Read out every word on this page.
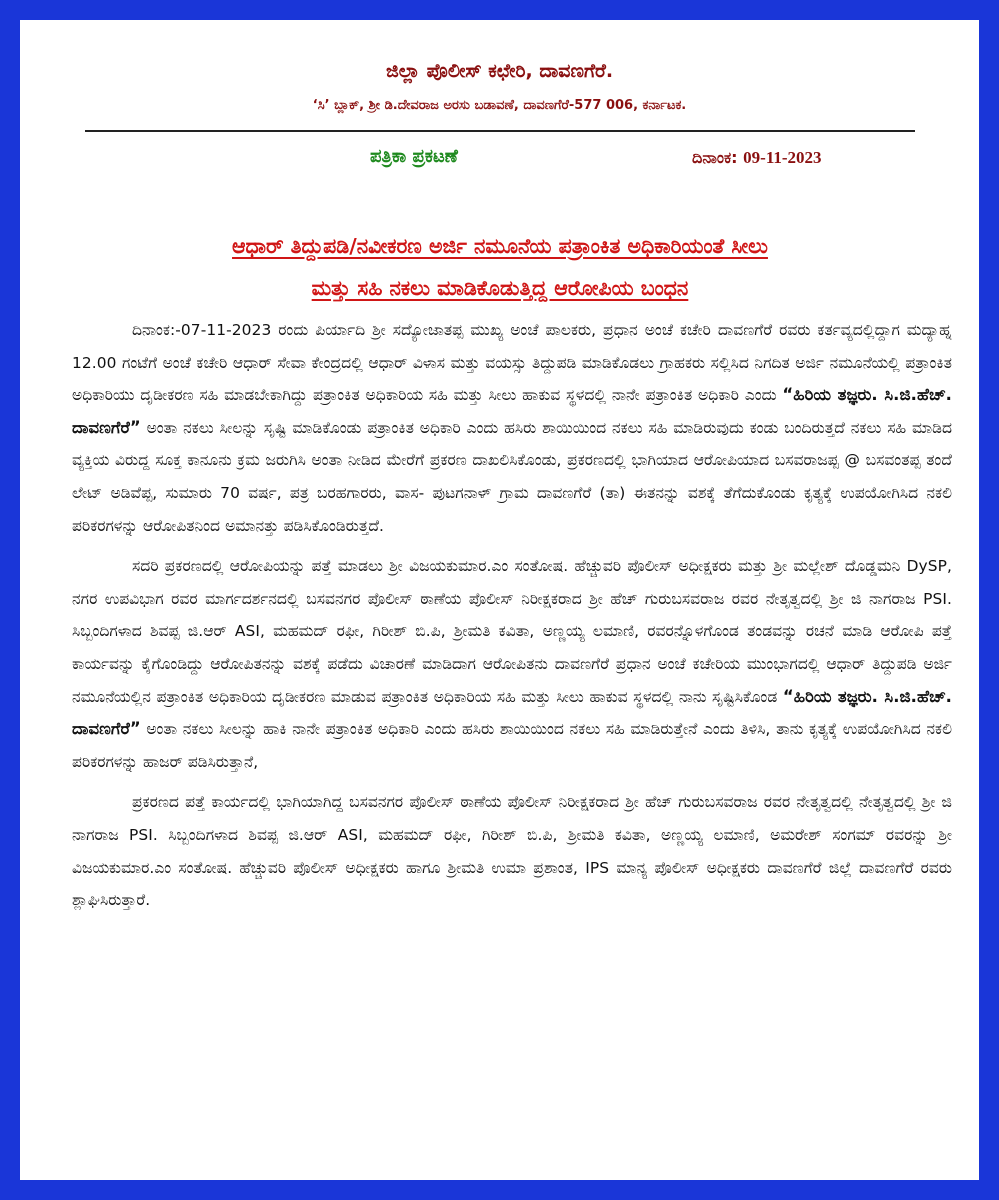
ಜಿಲ್ಲಾ ಪೊಲೀಸ್ ಕಛೇರಿ, ದಾವಣಗೆರೆ.
‘ಸಿ’ ಬ್ಲಾಕ್, ಶ್ರೀ ಡಿ.ದೇವರಾಜ ಅರಸು ಬಡಾವಣೆ, ದಾವಣಗೆರೆ-577 006, ಕರ್ನಾಟಕ.
ಪತ್ರಿಕಾ ಪ್ರಕಟಣೆ	ದಿನಾಂಕ: 09-11-2023
ಆಧಾರ್ ತಿದ್ದುಪಡಿ/ನವೀಕರಣ ಅರ್ಜಿ ನಮೂನೆಯ ಪತ್ರಾಂಕಿತ ಅಧಿಕಾರಿಯಂತೆ ಸೀಲು
ಮತ್ತು ಸಹಿ ನಕಲು ಮಾಡಿಕೊಡುತ್ತಿದ್ದ ಆರೋಪಿಯ ಬಂಧನ

ದಿನಾಂಕ:-07-11-2023 ರಂದು ಪಿರ್ಯಾದಿ ಶ್ರೀ ಸದ್ಯೋಜಾತಪ್ಪ ಮುಖ್ಯ ಅಂಚೆ ಪಾಲಕರು, ಪ್ರಧಾನ ಅಂಚೆ ಕಚೇರಿ ದಾವಣಗೆರೆ ರವರು ಕರ್ತವ್ಯದಲ್ಲಿದ್ದಾಗ ಮದ್ಯಾಹ್ನ 12.00 ಗಂಟೆಗೆ ಅಂಚೆ ಕಚೇರಿ ಆಧಾರ್ ಸೇವಾ ಕೇಂದ್ರದಲ್ಲಿ ಆಧಾರ್ ವಿಳಾಸ ಮತ್ತು ವಯಸ್ಸು ತಿದ್ದುಪಡಿ ಮಾಡಿಕೊಡಲು ಗ್ರಾಹಕರು ಸಲ್ಲಿಸಿದ ನಿಗದಿತ ಅರ್ಜಿ ನಮೂನೆಯಲ್ಲಿ ಪತ್ರಾಂಕಿತ ಅಧಿಕಾರಿಯು ದೃಡೀಕರಣ ಸಹಿ ಮಾಡಬೇಕಾಗಿದ್ದು ಪತ್ರಾಂಕಿತ ಅಧಿಕಾರಿಯ ಸಹಿ ಮತ್ತು ಸೀಲು ಹಾಕುವ ಸ್ಥಳದಲ್ಲಿ ನಾನೇ ಪತ್ರಾಂಕಿತ ಅಧಿಕಾರಿ ಎಂದು “ಹಿರಿಯ ತಜ್ಞರು. ಸಿ.ಜಿ.ಹೆಚ್. ದಾವಣಗೆರೆ” ಅಂತಾ ನಕಲು ಸೀಲನ್ನು ಸೃಷ್ಟಿ ಮಾಡಿಕೊಂಡು ಪತ್ರಾಂಕಿತ ಅಧಿಕಾರಿ ಎಂದು ಹಸಿರು ಶಾಯಿಯಿಂದ ನಕಲು ಸಹಿ ಮಾಡಿರುವುದು ಕಂಡು ಬಂದಿರುತ್ತದೆ ನಕಲು ಸಹಿ ಮಾಡಿದ ವ್ಯಕ್ತಿಯ ವಿರುದ್ದ ಸೂಕ್ತ ಕಾನೂನು ಕ್ರಮ ಜರುಗಿಸಿ ಅಂತಾ ನೀಡಿದ ಮೇರೆಗೆ ಪ್ರಕರಣ ದಾಖಲಿಸಿಕೊಂಡು, ಪ್ರಕರಣದಲ್ಲಿ ಭಾಗಿಯಾದ ಆರೋಪಿಯಾದ ಬಸವರಾಜಪ್ಪ @ ಬಸವಂತಪ್ಪ ತಂದೆ ಲೇಟ್ ಅಡಿವೆಪ್ಪ, ಸುಮಾರು 70 ವರ್ಷ, ಪತ್ರ ಬರಹಗಾರರು, ವಾಸ- ಪುಟಗನಾಳ್ ಗ್ರಾಮ ದಾವಣಗೆರೆ (ತಾ) ಈತನನ್ನು ವಶಕ್ಕೆ ತೆಗೆದುಕೊಂಡು ಕೃತ್ಯಕ್ಕೆ ಉಪಯೋಗಿಸಿದ ನಕಲಿ ಪರಿಕರಗಳನ್ನು ಆರೋಪಿತನಿಂದ ಅಮಾನತ್ತು ಪಡಿಸಿಕೊಂಡಿರುತ್ತದೆ.

ಸದರಿ ಪ್ರಕರಣದಲ್ಲಿ ಆರೋಪಿಯನ್ನು ಪತ್ತೆ ಮಾಡಲು ಶ್ರೀ ವಿಜಯಕುಮಾರ.ಎಂ ಸಂತೋಷ. ಹೆಚ್ಚುವರಿ ಪೊಲೀಸ್ ಅಧೀಕ್ಷಕರು ಮತ್ತು ಶ್ರೀ ಮಲ್ಲೇಶ್ ದೊಡ್ಡಮನಿ DySP, ನಗರ ಉಪವಿಭಾಗ ರವರ ಮಾರ್ಗದರ್ಶನದಲ್ಲಿ ಬಸವನಗರ ಪೊಲೀಸ್ ಠಾಣೆಯ ಪೊಲೀಸ್ ನಿರೀಕ್ಷಕರಾದ ಶ್ರೀ ಹೆಚ್ ಗುರುಬಸವರಾಜ ರವರ ನೇತೃತ್ವದಲ್ಲಿ ಶ್ರೀ ಜಿ ನಾಗರಾಜ PSI. ಸಿಬ್ಬಂದಿಗಳಾದ ಶಿವಪ್ಪ ಜಿ.ಆರ್ ASI, ಮಹಮದ್ ರಫೀ, ಗಿರೀಶ್ ಬಿ.ಪಿ, ಶ್ರೀಮತಿ ಕವಿತಾ, ಅಣ್ಣಯ್ಯ ಲಮಾಣಿ, ರವರನ್ನೊಳಗೊಂಡ ತಂಡವನ್ನು ರಚನೆ ಮಾಡಿ ಆರೋಪಿ ಪತ್ತೆ ಕಾರ್ಯವನ್ನು ಕೈಗೊಂಡಿದ್ದು ಆರೋಪಿತನನ್ನು ವಶಕ್ಕೆ ಪಡೆದು ವಿಚಾರಣೆ ಮಾಡಿದಾಗ ಆರೋಪಿತನು ದಾವಣಗೆರೆ ಪ್ರಧಾನ ಅಂಚೆ ಕಚೇರಿಯ ಮುಂಭಾಗದಲ್ಲಿ ಆಧಾರ್ ತಿದ್ದುಪಡಿ ಅರ್ಜಿ ನಮೂನೆಯಲ್ಲಿನ ಪತ್ರಾಂಕಿತ ಅಧಿಕಾರಿಯ ದೃಡೀಕರಣ ಮಾಡುವ ಪತ್ರಾಂಕಿತ ಅಧಿಕಾರಿಯ ಸಹಿ ಮತ್ತು ಸೀಲು ಹಾಕುವ ಸ್ಥಳದಲ್ಲಿ ನಾನು ಸೃಷ್ಟಿಸಿಕೊಂಡ “ಹಿರಿಯ ತಜ್ಞರು. ಸಿ.ಜಿ.ಹೆಚ್. ದಾವಣಗೆರೆ” ಅಂತಾ ನಕಲು ಸೀಲನ್ನು ಹಾಕಿ ನಾನೇ ಪತ್ರಾಂಕಿತ ಅಧಿಕಾರಿ ಎಂದು ಹಸಿರು ಶಾಯಿಯಿಂದ ನಕಲು ಸಹಿ ಮಾಡಿರುತ್ತೇನೆ ಎಂದು ತಿಳಿಸಿ, ತಾನು ಕೃತ್ಯಕ್ಕೆ ಉಪಯೋಗಿಸಿದ ನಕಲಿ ಪರಿಕರಗಳನ್ನು ಹಾಜರ್ ಪಡಿಸಿರುತ್ತಾನೆ,

ಪ್ರಕರಣದ ಪತ್ತೆ ಕಾರ್ಯದಲ್ಲಿ ಭಾಗಿಯಾಗಿದ್ದ ಬಸವನಗರ ಪೊಲೀಸ್ ಠಾಣೆಯ ಪೊಲೀಸ್ ನಿರೀಕ್ಷಕರಾದ ಶ್ರೀ ಹೆಚ್ ಗುರುಬಸವರಾಜ ರವರ ನೇತೃತ್ವದಲ್ಲಿ ನೇತೃತ್ವದಲ್ಲಿ ಶ್ರೀ ಜಿ ನಾಗರಾಜ PSI. ಸಿಬ್ಬಂದಿಗಳಾದ ಶಿವಪ್ಪ ಜಿ.ಆರ್ ASI, ಮಹಮದ್ ರಫೀ, ಗಿರೀಶ್ ಬಿ.ಪಿ, ಶ್ರೀಮತಿ ಕವಿತಾ, ಅಣ್ಣಯ್ಯ ಲಮಾಣಿ, ಅಮರೇಶ್ ಸಂಗಮ್ ರವರನ್ನು ಶ್ರೀ ವಿಜಯಕುಮಾರ.ಎಂ ಸಂತೋಷ. ಹೆಚ್ಚುವರಿ ಪೊಲೀಸ್ ಅಧೀಕ್ಷಕರು ಹಾಗೂ ಶ್ರೀಮತಿ ಉಮಾ ಪ್ರಶಾಂತ, IPS ಮಾನ್ಯ ಪೊಲೀಸ್ ಅಧೀಕ್ಷಕರು ದಾವಣಗೆರೆ ಜಿಲ್ಲೆ ದಾವಣಗೆರೆ ರವರು ಶ್ಲಾಘಿಸಿರುತ್ತಾರೆ.
